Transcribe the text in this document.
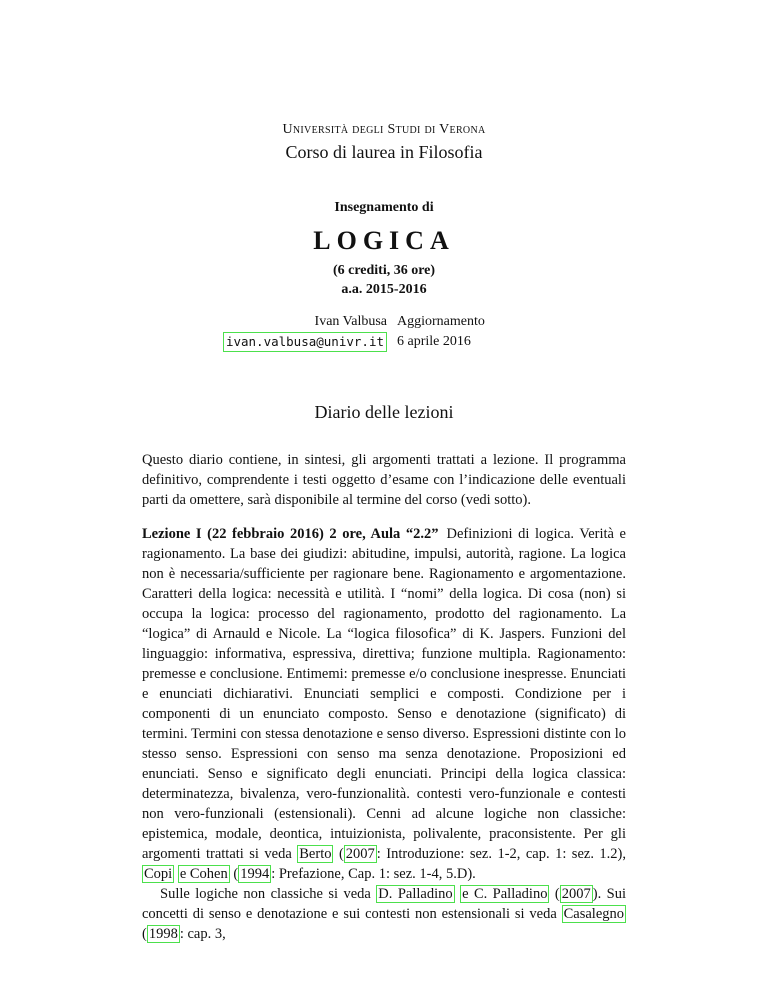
Università degli Studi di Verona
Corso di laurea in Filosofia
Insegnamento di
LOGICA
(6 crediti, 36 ore)
a.a. 2015-2016
Ivan Valbusa
ivan.valbusa@univr.it
Aggiornamento
6 aprile 2016
Diario delle lezioni

Questo diario contiene, in sintesi, gli argomenti trattati a lezione. Il programma definitivo, comprendente i testi oggetto d’esame con l’indicazione delle eventuali parti da omettere, sarà disponibile al termine del corso (vedi sotto).

Lezione I (22 febbraio 2016) 2 ore, Aula “2.2” Definizioni di logica. Verità e ragionamento. La base dei giudizi: abitudine, impulsi, autorità, ragione. La logica non è necessaria/sufficiente per ragionare bene. Ragionamento e argomentazione. Caratteri della logica: necessità e utilità. I “nomi” della logica. Di cosa (non) si occupa la logica: processo del ragionamento, prodotto del ragionamento. La “logica” di Arnauld e Nicole. La “logica filosofica” di K. Jaspers. Funzioni del linguaggio: informativa, espressiva, direttiva; funzione multipla. Ragionamento: premesse e conclusione. Entimemi: premesse e/o conclusione inespresse. Enunciati e enunciati dichiarativi. Enunciati semplici e composti. Condizione per i componenti di un enunciato composto. Senso e denotazione (significato) di termini. Termini con stessa denotazione e senso diverso. Espressioni distinte con lo stesso senso. Espressioni con senso ma senza denotazione. Proposizioni ed enunciati. Senso e significato degli enunciati. Principi della logica classica: determinatezza, bivalenza, vero-funzionalità. contesti vero-funzionale e contesti non vero-funzionali (estensionali). Cenni ad alcune logiche non classiche: epistemica, modale, deontica, intuizionista, polivalente, praconsistente. Per gli argomenti trattati si veda Berto ( 2007 : Introduzione: sez. 1-2, cap. 1: sez. 1.2), Copi e Cohen ( 1994 : Prefazione, Cap. 1: sez. 1-4, 5.D).

Sulle logiche non classiche si veda D. Palladino e C. Palladino ( 2007 ). Sui concetti di senso e denotazione e sui contesti non estensionali si veda Casalegno ( 1998 : cap. 3,
